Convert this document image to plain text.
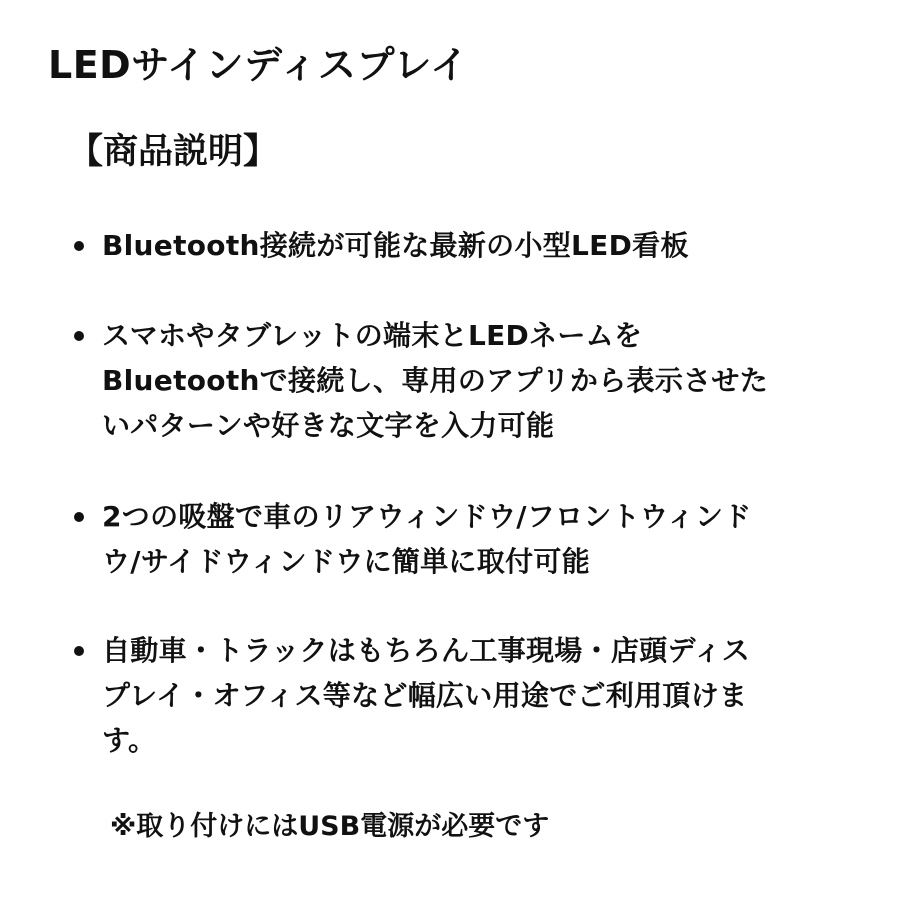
LEDサインディスプレイ
【商品説明】
Bluetooth接続が可能な最新の小型LED看板
スマホやタブレットの端末とLEDネームを
Bluetoothで接続し、専用のアプリから表示させた
いパターンや好きな文字を入力可能
2つの吸盤で車のリアウィンドウ/フロントウィンド
ウ/サイドウィンドウに簡単に取付可能
自動車・トラックはもちろん工事現場・店頭ディス
プレイ・オフィス等など幅広い用途でご利用頂けま
す。

※取り付けにはUSB電源が必要です
